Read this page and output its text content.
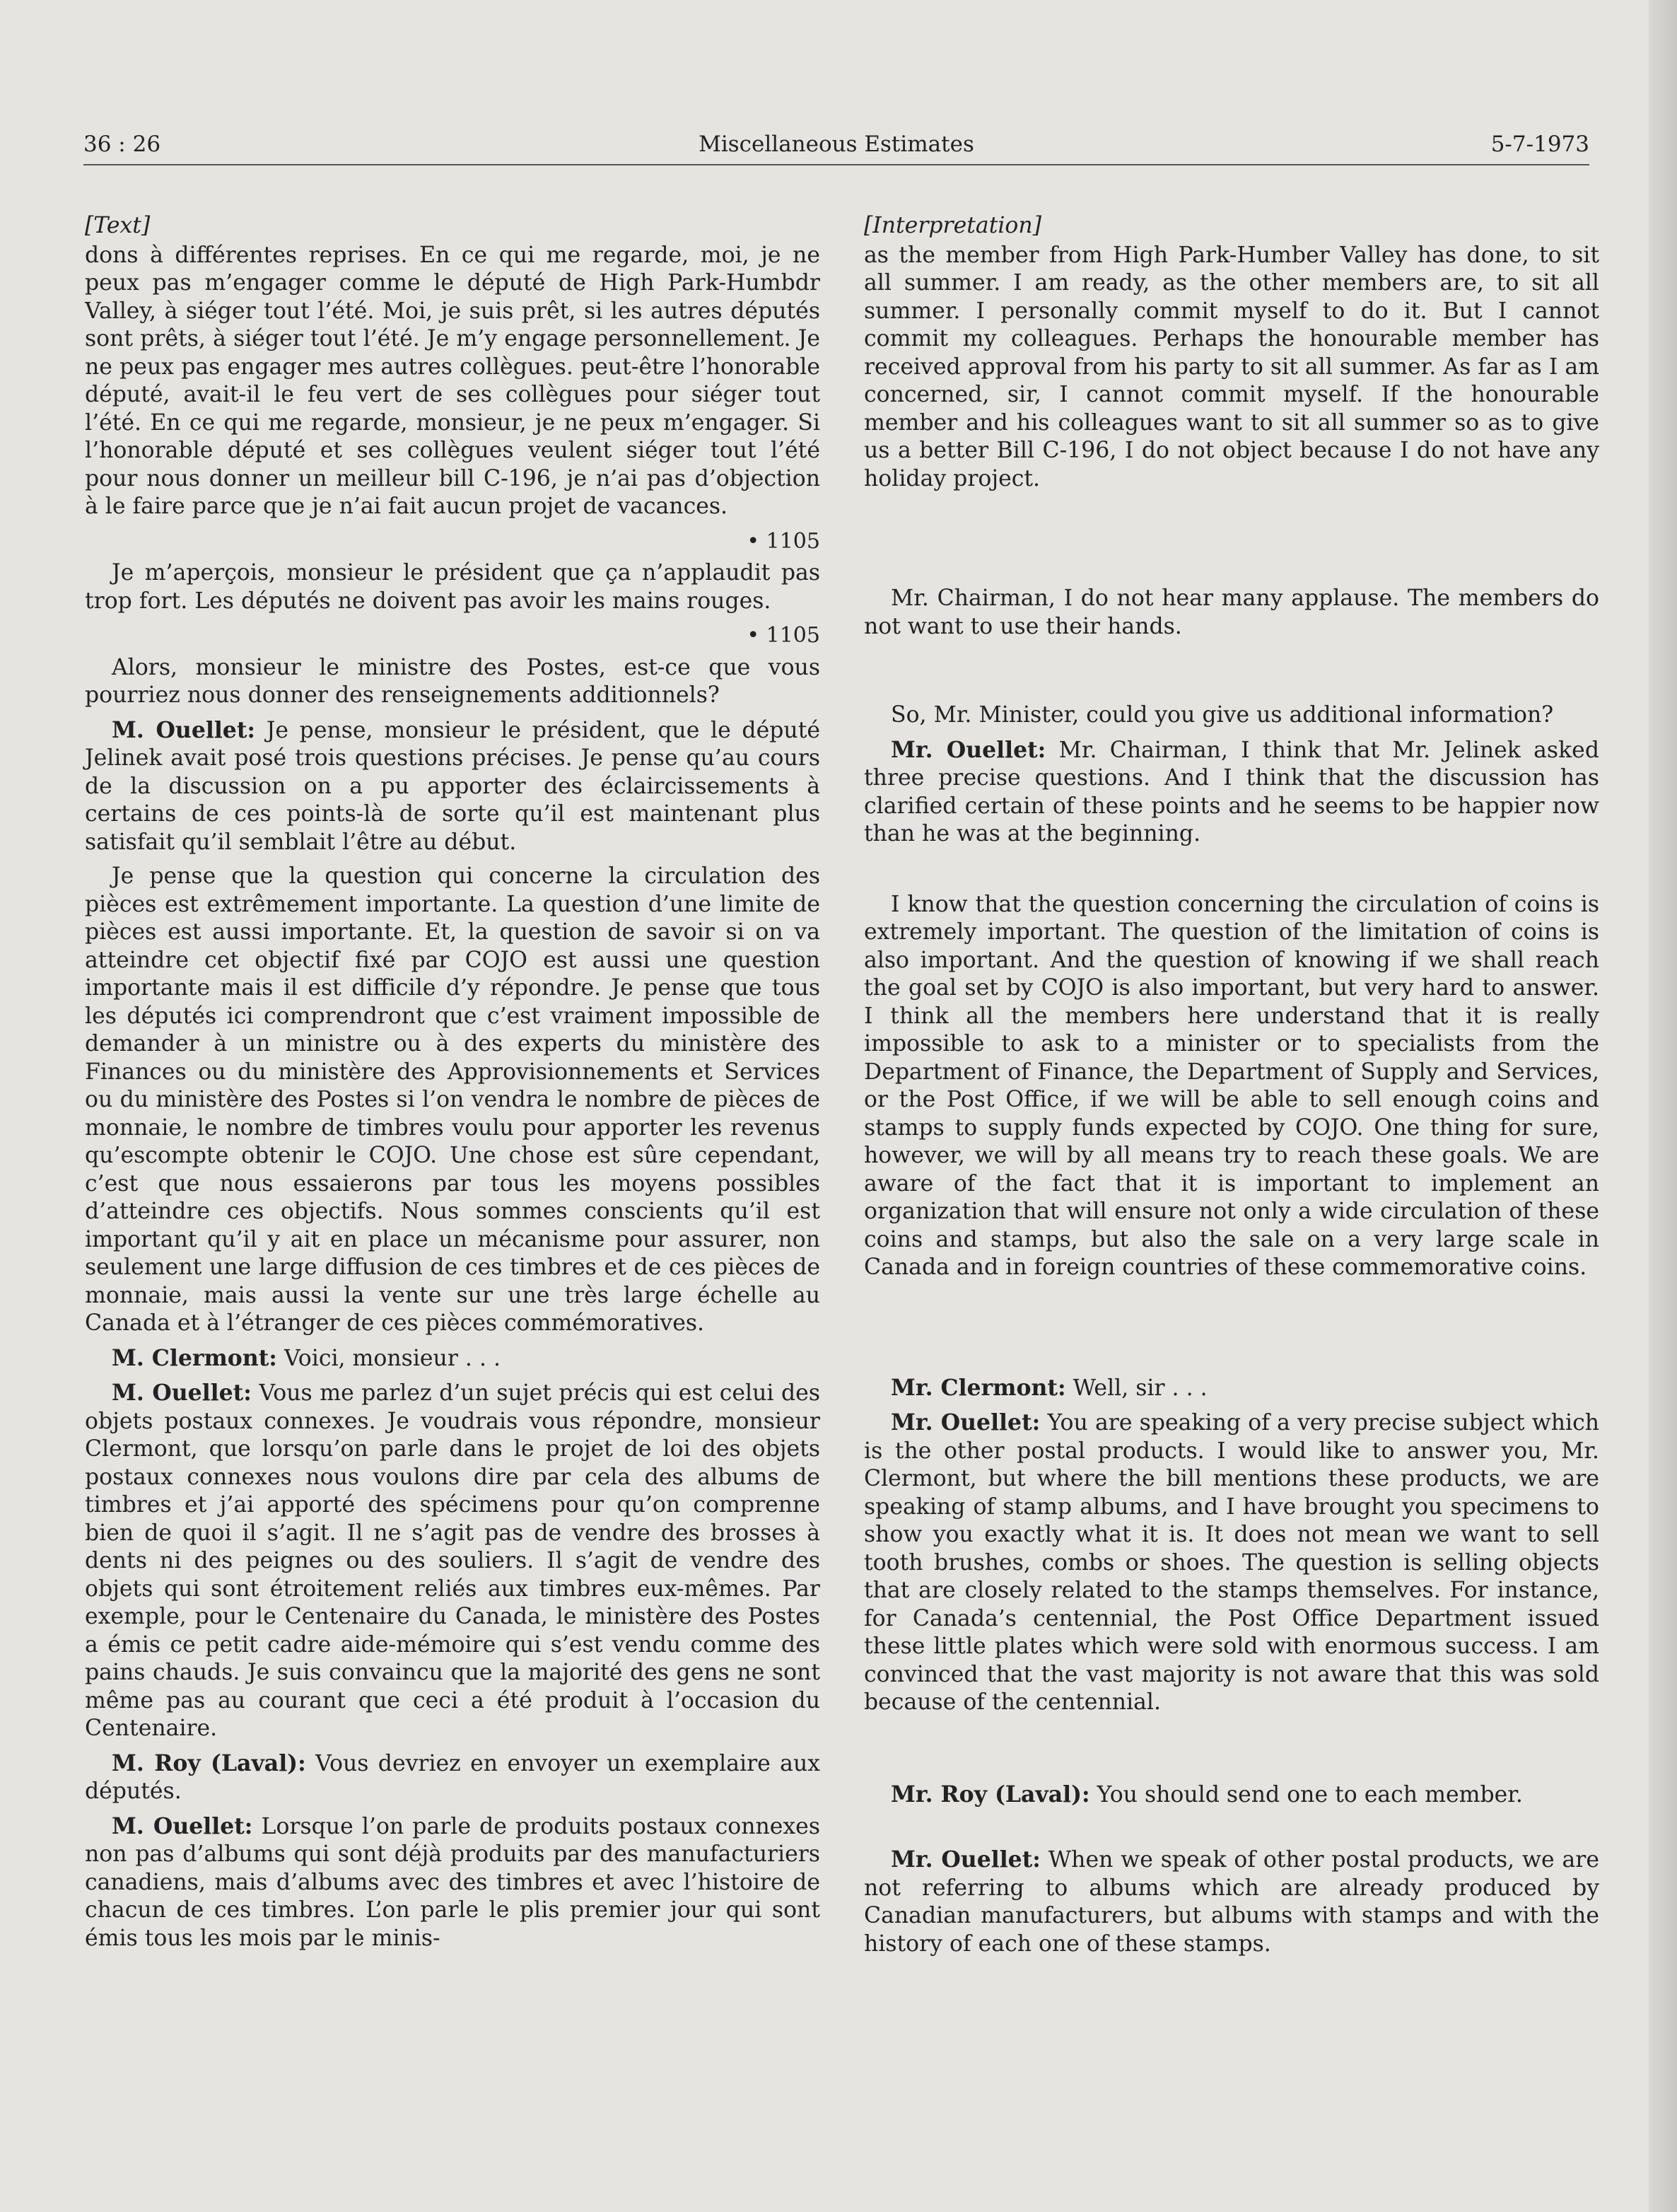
36 : 26	Miscellaneous Estimates	5-7-1973
[Text]

dons à différentes reprises. En ce qui me regarde, moi, je ne peux pas m’engager comme le député de High Park-Humbdr Valley, à siéger tout l’été. Moi, je suis prêt, si les autres députés sont prêts, à siéger tout l’été. Je m’y engage personnellement. Je ne peux pas engager mes autres collègues. peut-être l’honorable député, avait-il le feu vert de ses collègues pour siéger tout l’été. En ce qui me regarde, monsieur, je ne peux m’engager. Si l’honorable député et ses collègues veulent siéger tout l’été pour nous donner un meilleur bill C-196, je n’ai pas d’objection à le faire parce que je n’ai fait aucun projet de vacances.

• 1105

Je m’aperçois, monsieur le président que ça n’applaudit pas trop fort. Les députés ne doivent pas avoir les mains rouges.

• 1105

Alors, monsieur le ministre des Postes, est-ce que vous pourriez nous donner des renseignements additionnels?

M. Ouellet: Je pense, monsieur le président, que le député Jelinek avait posé trois questions précises. Je pense qu’au cours de la discussion on a pu apporter des éclaircissements à certains de ces points-là de sorte qu’il est maintenant plus satisfait qu’il semblait l’être au début.

Je pense que la question qui concerne la circulation des pièces est extrêmement importante. La question d’une limite de pièces est aussi importante. Et, la question de savoir si on va atteindre cet objectif fixé par COJO est aussi une question importante mais il est difficile d’y répondre. Je pense que tous les députés ici comprendront que c’est vraiment impossible de demander à un ministre ou à des experts du ministère des Finances ou du ministère des Approvisionnements et Services ou du ministère des Postes si l’on vendra le nombre de pièces de monnaie, le nombre de timbres voulu pour apporter les revenus qu’escompte obtenir le COJO. Une chose est sûre cependant, c’est que nous essaierons par tous les moyens possibles d’atteindre ces objectifs. Nous sommes conscients qu’il est important qu’il y ait en place un mécanisme pour assurer, non seulement une large diffusion de ces timbres et de ces pièces de monnaie, mais aussi la vente sur une très large échelle au Canada et à l’étranger de ces pièces commémoratives.

M. Clermont: Voici, monsieur . . .

M. Ouellet: Vous me parlez d’un sujet précis qui est celui des objets postaux connexes. Je voudrais vous répondre, monsieur Clermont, que lorsqu’on parle dans le projet de loi des objets postaux connexes nous voulons dire par cela des albums de timbres et j’ai apporté des spécimens pour qu’on comprenne bien de quoi il s’agit. Il ne s’agit pas de vendre des brosses à dents ni des peignes ou des souliers. Il s’agit de vendre des objets qui sont étroitement reliés aux timbres eux-mêmes. Par exemple, pour le Centenaire du Canada, le ministère des Postes a émis ce petit cadre aide-mémoire qui s’est vendu comme des pains chauds. Je suis convaincu que la majorité des gens ne sont même pas au courant que ceci a été produit à l’occasion du Centenaire.

M. Roy (Laval): Vous devriez en envoyer un exemplaire aux députés.

M. Ouellet: Lorsque l’on parle de produits postaux connexes non pas d’albums qui sont déjà produits par des manufacturiers canadiens, mais d’albums avec des timbres et avec l’histoire de chacun de ces timbres. L’on parle le plis premier jour qui sont émis tous les mois par le minis-

[Interpretation]

as the member from High Park-Humber Valley has done, to sit all summer. I am ready, as the other members are, to sit all summer. I personally commit myself to do it. But I cannot commit my colleagues. Perhaps the honourable member has received approval from his party to sit all summer. As far as I am concerned, sir, I cannot commit myself. If the honourable member and his colleagues want to sit all summer so as to give us a better Bill C-196, I do not object because I do not have any holiday project.

Mr. Chairman, I do not hear many applause. The members do not want to use their hands.

So, Mr. Minister, could you give us additional information?

Mr. Ouellet: Mr. Chairman, I think that Mr. Jelinek asked three precise questions. And I think that the discussion has clarified certain of these points and he seems to be happier now than he was at the beginning.

I know that the question concerning the circulation of coins is extremely important. The question of the limitation of coins is also important. And the question of knowing if we shall reach the goal set by COJO is also important, but very hard to answer. I think all the members here understand that it is really impossible to ask to a minister or to specialists from the Department of Finance, the Department of Supply and Services, or the Post Office, if we will be able to sell enough coins and stamps to supply funds expected by COJO. One thing for sure, however, we will by all means try to reach these goals. We are aware of the fact that it is important to implement an organization that will ensure not only a wide circulation of these coins and stamps, but also the sale on a very large scale in Canada and in foreign countries of these commemorative coins.

Mr. Clermont: Well, sir . . .

Mr. Ouellet: You are speaking of a very precise subject which is the other postal products. I would like to answer you, Mr. Clermont, but where the bill mentions these products, we are speaking of stamp albums, and I have brought you specimens to show you exactly what it is. It does not mean we want to sell tooth brushes, combs or shoes. The question is selling objects that are closely related to the stamps themselves. For instance, for Canada’s centennial, the Post Office Department issued these little plates which were sold with enormous success. I am convinced that the vast majority is not aware that this was sold because of the centennial.

Mr. Roy (Laval): You should send one to each member.

Mr. Ouellet: When we speak of other postal products, we are not referring to albums which are already produced by Canadian manufacturers, but albums with stamps and with the history of each one of these stamps.
